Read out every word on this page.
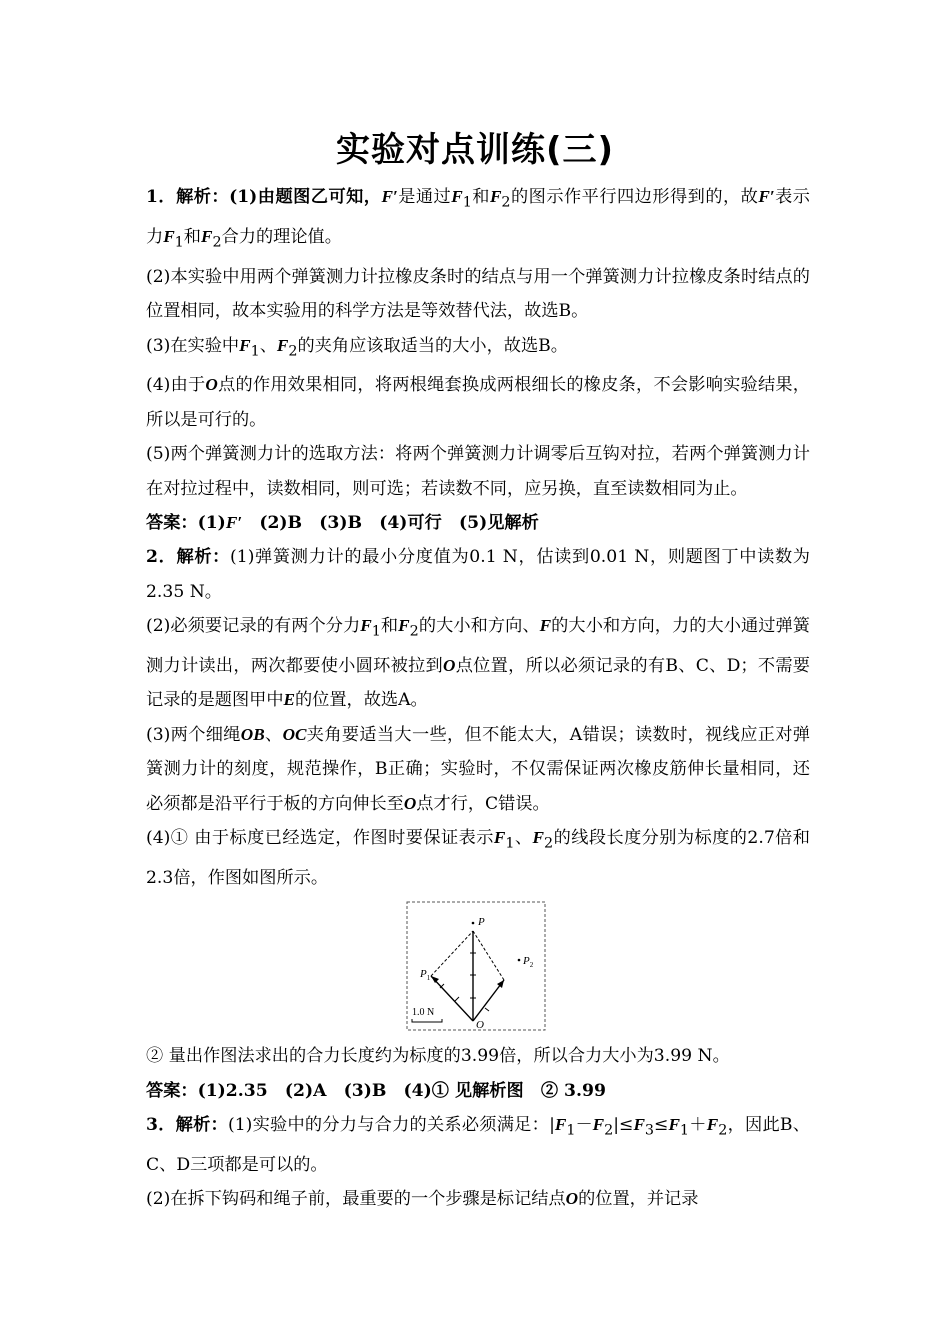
实验对点训练(三)

1．解析：(1)由题图乙可知，F′是通过$F_1$和$F_2$的图示作平行四边形得到的，故F′表示力$F_1$和$F_2$合力的理论值。

(2)本实验中用两个弹簧测力计拉橡皮条时的结点与用一个弹簧测力计拉橡皮条时结点的位置相同，故本实验用的科学方法是等效替代法，故选B。

(3)在实验中$F_1$、$F_2$的夹角应该取适当的大小，故选B。

(4)由于O点的作用效果相同，将两根绳套换成两根细长的橡皮条，不会影响实验结果，所以是可行的。

(5)两个弹簧测力计的选取方法：将两个弹簧测力计调零后互钩对拉，若两个弹簧测力计在对拉过程中，读数相同，则可选；若读数不同，应另换，直至读数相同为止。

答案：(1)F′　 (2)B　(3)B　(4)可行　(5)见解析

2．解析：(1)弹簧测力计的最小分度值为0.1 N，估读到0.01 N，则题图丁中读数为2.35 N。

(2)必须要记录的有两个分力$F_1$和$F_2$的大小和方向、F的大小和方向，力的大小通过弹簧测力计读出，两次都要使小圆环被拉到O点位置，所以必须记录的有B、C、D；不需要记录的是题图甲中E的位置，故选A。

(3)两个细绳OB、OC夹角要适当大一些，但不能太大，A错误；读数时，视线应正对弹簧测力计的刻度，规范操作，B正确；实验时，不仅需保证两次橡皮筋伸长量相同，还必须都是沿平行于板的方向伸长至O点才行，C错误。

(4)① 由于标度已经选定，作图时要保证表示$F_1$、$F_2$的线段长度分别为标度的2.7倍和2.3倍，作图如图所示。

P
$P_1$
$P_2$
O
1.0 N

② 量出作图法求出的合力长度约为标度的3.99倍，所以合力大小为3.99 N。

答案：(1)2.35　(2)A　(3)B　(4)① 见解析图　② 3.99

3．解析：(1)实验中的分力与合力的关系必须满足：$|F_1-F_2|\le F_3\le F_1+F_2$，因此B、C、D三项都是可以的。

(2)在拆下钩码和绳子前，最重要的一个步骤是标记结点O的位置，并记录
